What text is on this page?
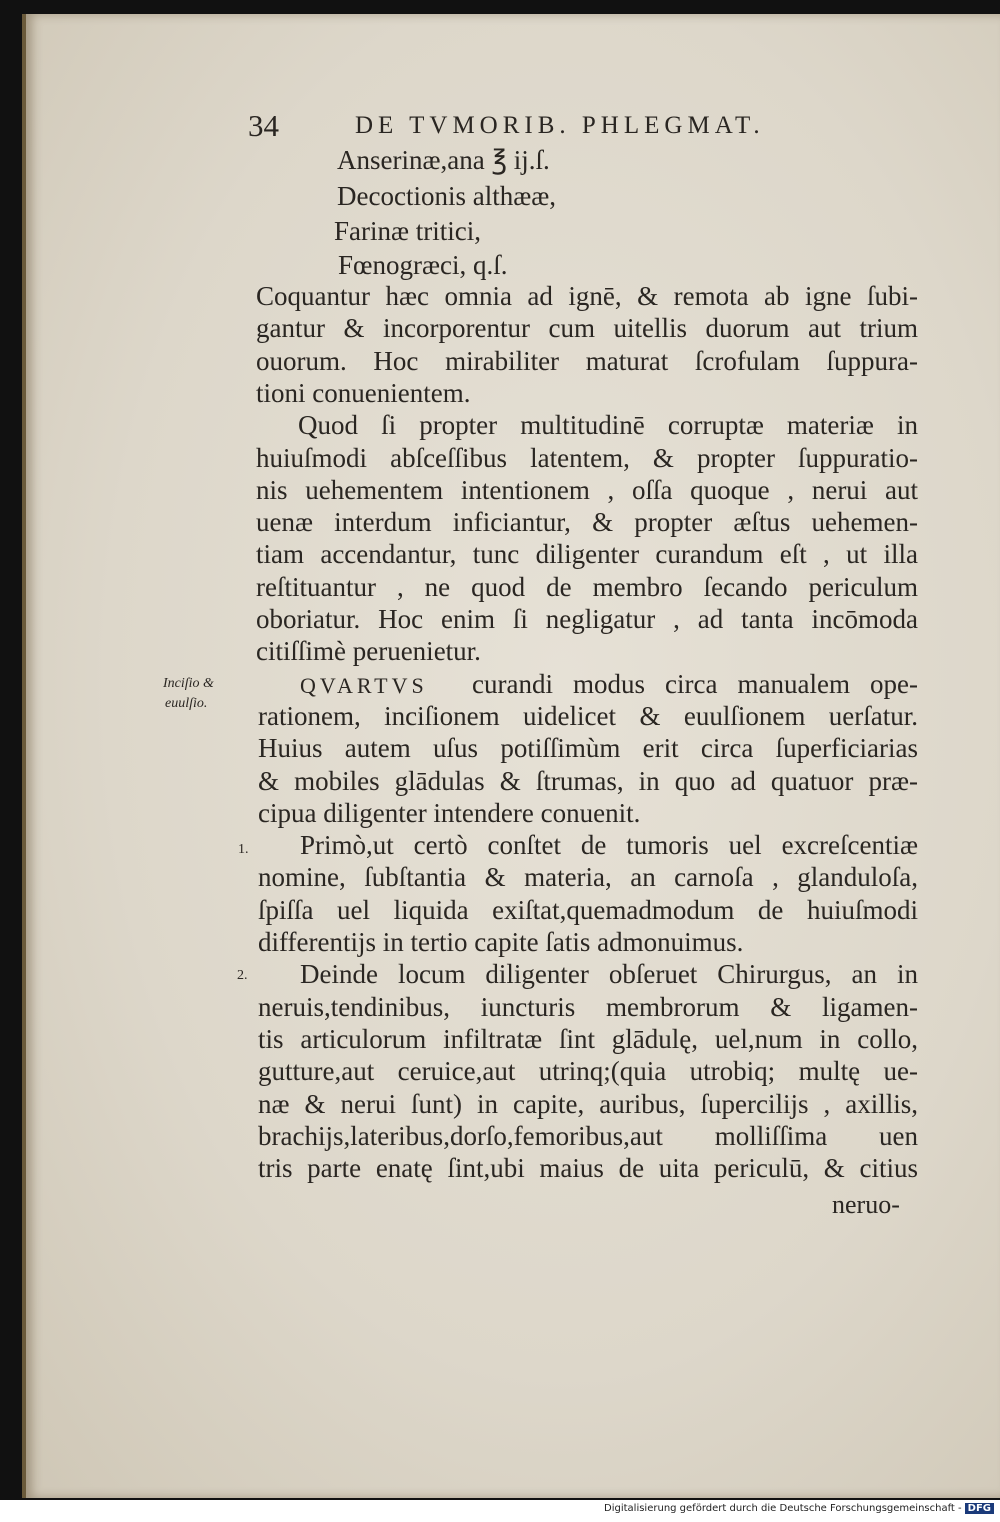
34	DE TVMORIB. PHLEGMAT.
Anserinæ,ana ℥ ij.ſ.
Decoctionis althææ,
Farinæ tritici,
Fœnogræci, q.ſ.
Coquantur hæc omnia ad ignē, & remota ab igne ſubi-
gantur & incorporentur cum uitellis duorum aut trium
ouorum. Hoc mirabiliter maturat ſcrofulam ſuppura-
tioni conuenientem.
Quod ſi propter multitudinē corruptæ materiæ in
huiuſmodi abſceſſibus latentem, & propter ſuppuratio-
nis uehementem intentionem , oſſa quoque , nerui aut
uenæ interdum inficiantur, & propter æſtus uehemen-
tiam accendantur, tunc diligenter curandum eſt , ut illa
reſtituantur , ne quod de membro ſecando periculum
oboriatur. Hoc enim ſi negligatur , ad tanta incōmoda
citiſſimè peruenietur.
curandi modus circa manualem ope-
rationem, inciſionem uidelicet & euulſionem uerſatur.
Huius autem uſus potiſſimùm erit circa ſuperficiarias
& mobiles glādulas & ſtrumas, in quo ad quatuor præ-
cipua diligenter intendere conuenit.
Primò,ut certò conſtet de tumoris uel excreſcentiæ
nomine, ſubſtantia & materia, an carnoſa , glanduloſa,
ſpiſſa uel liquida exiſtat,quemadmodum de huiuſmodi
differentijs in tertio capite ſatis admonuimus.
Deinde locum diligenter obſeruet Chirurgus, an in
neruis,tendinibus, iuncturis membrorum & ligamen-
tis articulorum infiltratæ ſint glādulę, uel,num in collo,
gutture,aut ceruice,aut utrinq;(quia utrobiq; multę ue-
næ & nerui ſunt) in capite, auribus, ſupercilijs , axillis,
brachijs,lateribus,dorſo,femoribus,aut molliſſima uen
tris parte enatę ſint,ubi maius de uita periculū, & citius
QVARTVS
Inciſio &
euulſio.
1.
2.
neruo-
Digitalisierung gefördert durch die Deutsche Forschungsgemeinschaft - DFG
